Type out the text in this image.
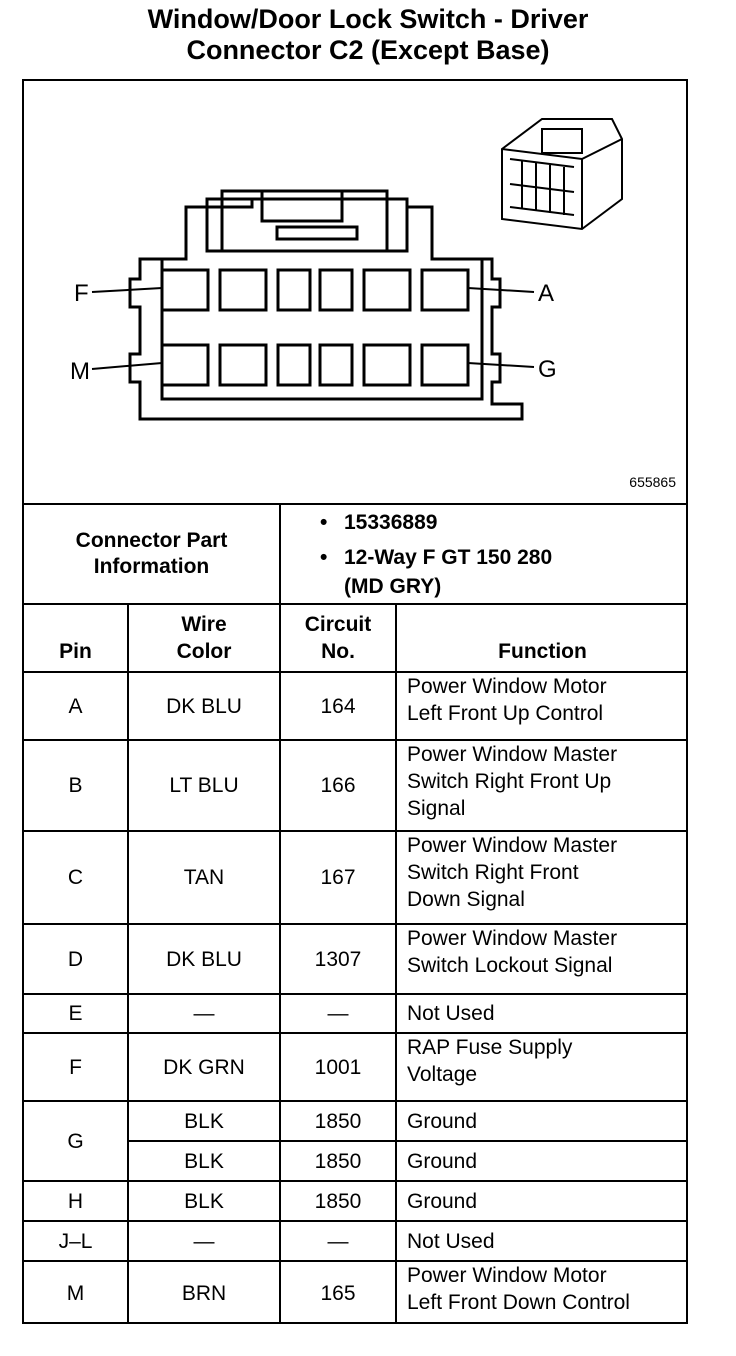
Window/Door Lock Switch - Driver
Connector C2 (Except Base)
F	A
M	G
655865
Connector Part
Information
• 15336889
• 12-Way F GT 150 280
(MD GRY)
Pin
Wire
Color
Circuit
No.	Function
A	DK BLU	164
Power Window Motor
Left Front Up Control
B	LT BLU	166
Power Window Master
Switch Right Front Up
Signal
C	TAN	167
Power Window Master
Switch Right Front
Down Signal
D	DK BLU	1307
Power Window Master
Switch Lockout Signal
E	—	—	Not Used
F	DK GRN	1001
RAP Fuse Supply
Voltage
G
BLK	1850	Ground
BLK	1850	Ground
H	BLK	1850	Ground
J–L	—	—	Not Used
M	BRN	165
Power Window Motor
Left Front Down Control
